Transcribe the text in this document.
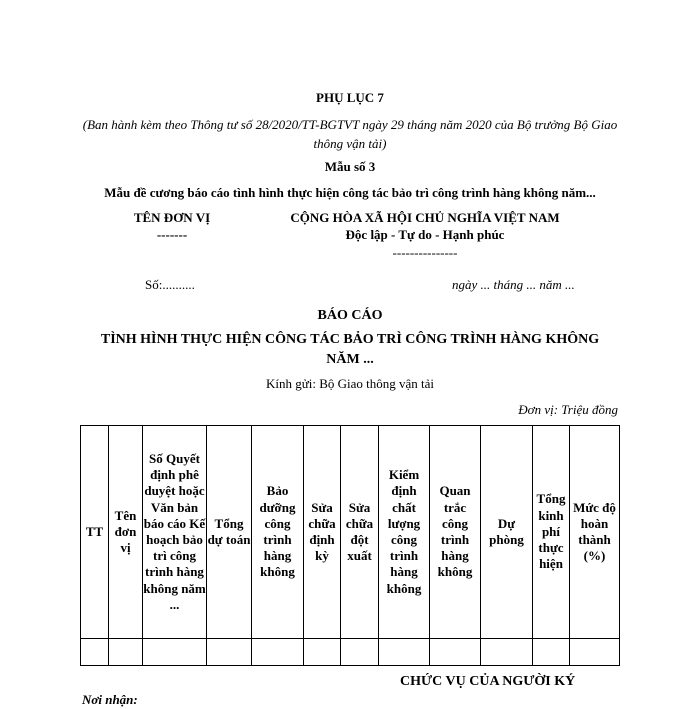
PHỤ LỤC 7
(Ban hành kèm theo Thông tư số 28/2020/TT-BGTVT ngày 29 tháng năm 2020 của Bộ trưởng Bộ Giao thông vận tải)
Mẫu số 3
Mẫu đề cương báo cáo tình hình thực hiện công tác bảo trì công trình hàng không năm...
TÊN ĐƠN VỊ
-------
CỘNG HÒA XÃ HỘI CHỦ NGHĨA VIỆT NAM
Độc lập - Tự do - Hạnh phúc
---------------
Số:..........	ngày ... tháng ... năm ...
BÁO CÁO
TÌNH HÌNH THỰC HIỆN CÔNG TÁC BẢO TRÌ CÔNG TRÌNH HÀNG KHÔNG NĂM ...
Kính gửi: Bộ Giao thông vận tải
Đơn vị: Triệu đồng
TT	Tên đơn vị	Số Quyết định phê duyệt hoặc Văn bản báo cáo Kế hoạch bảo trì công trình hàng không năm ...	Tổng dự toán	Bảo dưỡng công trình hàng không	Sửa chữa định kỳ	Sửa chữa đột xuất	Kiểm định chất lượng công trình hàng không	Quan trắc công trình hàng không	Dự phòng	Tổng kinh phí thực hiện	Mức độ hoàn thành (%)

CHỨC VỤ CỦA NGƯỜI KÝ
Nơi nhận:
